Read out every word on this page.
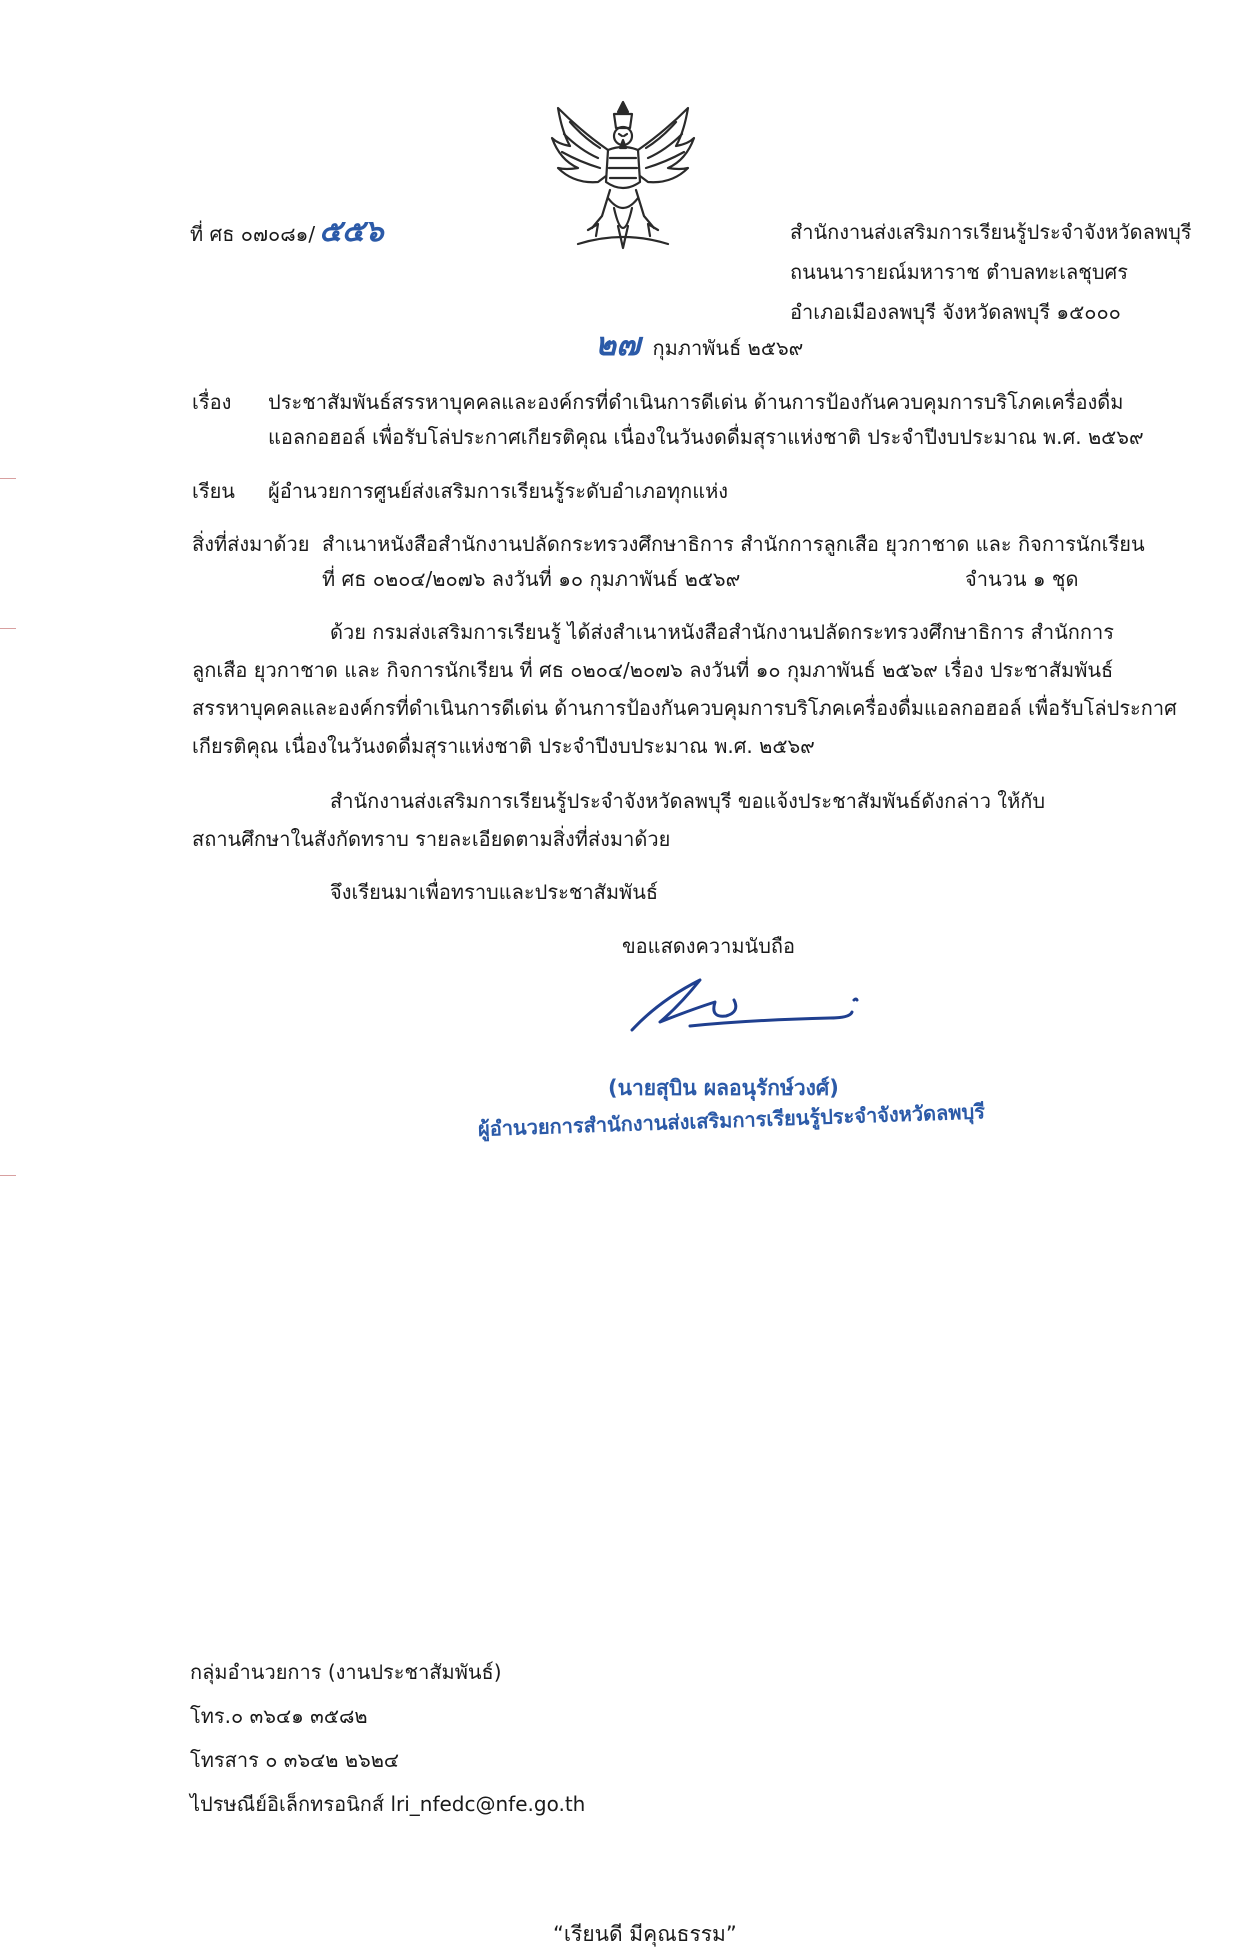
ที่ ศธ ๐๗๐๘๑/ ๕๕๖	สำนักงานส่งเสริมการเรียนรู้ประจำจังหวัดลพบุรี
ถนนนารายณ์มหาราช ตำบลทะเลชุบศร
อำเภอเมืองลพบุรี จังหวัดลพบุรี ๑๕๐๐๐
๒๗ กุมภาพันธ์ ๒๕๖๙
เรื่อง ประชาสัมพันธ์สรรหาบุคคลและองค์กรที่ดำเนินการดีเด่น ด้านการป้องกันควบคุมการบริโภคเครื่องดื่ม
แอลกอฮอล์ เพื่อรับโล่ประกาศเกียรติคุณ เนื่องในวันงดดื่มสุราแห่งชาติ ประจำปีงบประมาณ พ.ศ. ๒๕๖๙
เรียน ผู้อำนวยการศูนย์ส่งเสริมการเรียนรู้ระดับอำเภอทุกแห่ง
สิ่งที่ส่งมาด้วย สำเนาหนังสือสำนักงานปลัดกระทรวงศึกษาธิการ สำนักการลูกเสือ ยุวกาชาด และ กิจการนักเรียน
ที่ ศธ ๐๒๐๔/๒๐๗๖ ลงวันที่ ๑๐ กุมภาพันธ์ ๒๕๖๙	จำนวน ๑ ชุด
ด้วย กรมส่งเสริมการเรียนรู้ ได้ส่งสำเนาหนังสือสำนักงานปลัดกระทรวงศึกษาธิการ สำนักการ
ลูกเสือ ยุวกาชาด และ กิจการนักเรียน ที่ ศธ ๐๒๐๔/๒๐๗๖ ลงวันที่ ๑๐ กุมภาพันธ์ ๒๕๖๙ เรื่อง ประชาสัมพันธ์
สรรหาบุคคลและองค์กรที่ดำเนินการดีเด่น ด้านการป้องกันควบคุมการบริโภคเครื่องดื่มแอลกอฮอล์ เพื่อรับโล่ประกาศ
เกียรติคุณ เนื่องในวันงดดื่มสุราแห่งชาติ ประจำปีงบประมาณ พ.ศ. ๒๕๖๙
สำนักงานส่งเสริมการเรียนรู้ประจำจังหวัดลพบุรี ขอแจ้งประชาสัมพันธ์ดังกล่าว ให้กับ
สถานศึกษาในสังกัดทราบ รายละเอียดตามสิ่งที่ส่งมาด้วย
จึงเรียนมาเพื่อทราบและประชาสัมพันธ์
ขอแสดงความนับถือ
(นายสุบิน ผลอนุรักษ์วงศ์)
ผู้อำนวยการสำนักงานส่งเสริมการเรียนรู้ประจำจังหวัดลพบุรี
กลุ่มอำนวยการ (งานประชาสัมพันธ์)
โทร.๐ ๓๖๔๑ ๓๕๘๒
โทรสาร ๐ ๓๖๔๒ ๒๖๒๔
ไปรษณีย์อิเล็กทรอนิกส์ lri_nfedc@nfe.go.th
“เรียนดี มีคุณธรรม”
